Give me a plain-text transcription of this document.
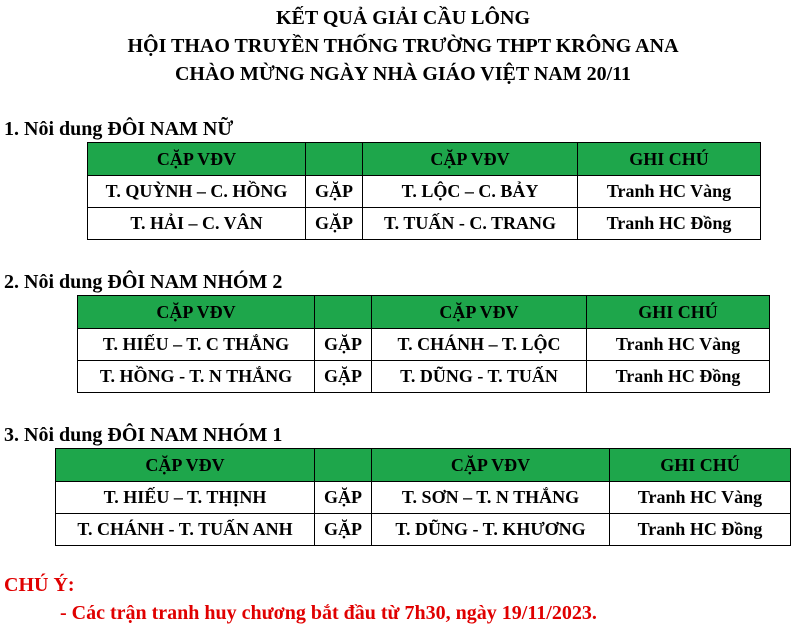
KẾT QUẢ GIẢI CẦU LÔNG
HỘI THAO TRUYỀN THỐNG TRƯỜNG THPT KRÔNG ANA
CHÀO MỪNG NGÀY NHÀ GIÁO VIỆT NAM 20/11
1. Nôi dung ĐÔI NAM NỮ
CẶP VĐV		CẶP VĐV	GHI CHÚ
T. QUỲNH – C. HỒNG	GẶP	T. LỘC – C. BẢY	Tranh HC Vàng
T. HẢI – C. VÂN	GẶP	T. TUẤN - C. TRANG	Tranh HC Đồng
2. Nôi dung ĐÔI NAM NHÓM 2
CẶP VĐV		CẶP VĐV	GHI CHÚ
T. HIẾU – T. C THẮNG	GẶP	T. CHÁNH – T. LỘC	Tranh HC Vàng
T. HỒNG - T. N THẮNG	GẶP	T. DŨNG - T. TUẤN	Tranh HC Đồng
3. Nôi dung ĐÔI NAM NHÓM 1
CẶP VĐV		CẶP VĐV	GHI CHÚ
T. HIẾU – T. THỊNH	GẶP	T. SƠN – T. N THẮNG	Tranh HC Vàng
T. CHÁNH - T. TUẤN ANH	GẶP	T. DŨNG - T. KHƯƠNG	Tranh HC Đồng
CHÚ Ý:
- Các trận tranh huy chương bắt đầu từ 7h30, ngày 19/11/2023.
